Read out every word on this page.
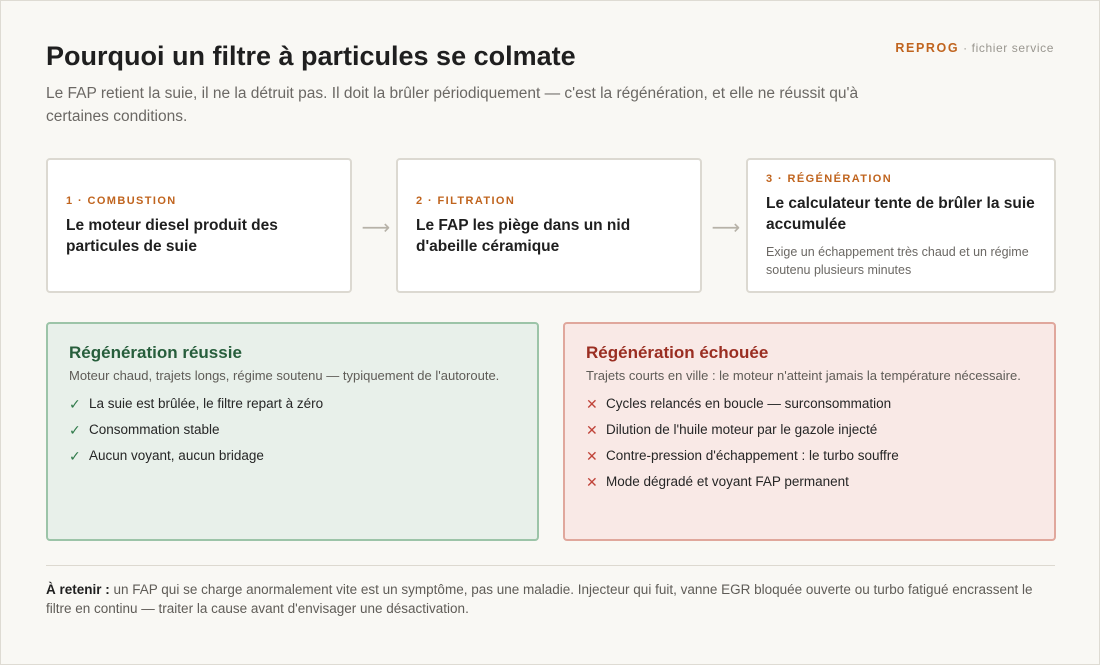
REPROG · fichier service
Pourquoi un filtre à particules se colmate

Le FAP retient la suie, il ne la détruit pas. Il doit la brûler périodiquement — c'est la régénération, et elle ne réussit qu'à certaines conditions.

1 · COMBUSTION
Le moteur diesel produit des particules de suie
⟶
2 · FILTRATION
Le FAP les piège dans un nid d'abeille céramique
⟶
3 · RÉGÉNÉRATION
Le calculateur tente de brûler la suie accumulée
Exige un échappement très chaud et un régime soutenu plusieurs minutes
Régénération réussie

Moteur chaud, trajets longs, régime soutenu — typiquement de l'autoroute.

✓ La suie est brûlée, le filtre repart à zéro
✓ Consommation stable
✓ Aucun voyant, aucun bridage
Régénération échouée

Trajets courts en ville : le moteur n'atteint jamais la température nécessaire.

✕ Cycles relancés en boucle — surconsommation
✕ Dilution de l'huile moteur par le gazole injecté
✕ Contre-pression d'échappement : le turbo souffre
✕ Mode dégradé et voyant FAP permanent

À retenir : un FAP qui se charge anormalement vite est un symptôme, pas une maladie. Injecteur qui fuit, vanne EGR bloquée ouverte ou turbo fatigué encrassent le filtre en continu — traiter la cause avant d'envisager une désactivation.
